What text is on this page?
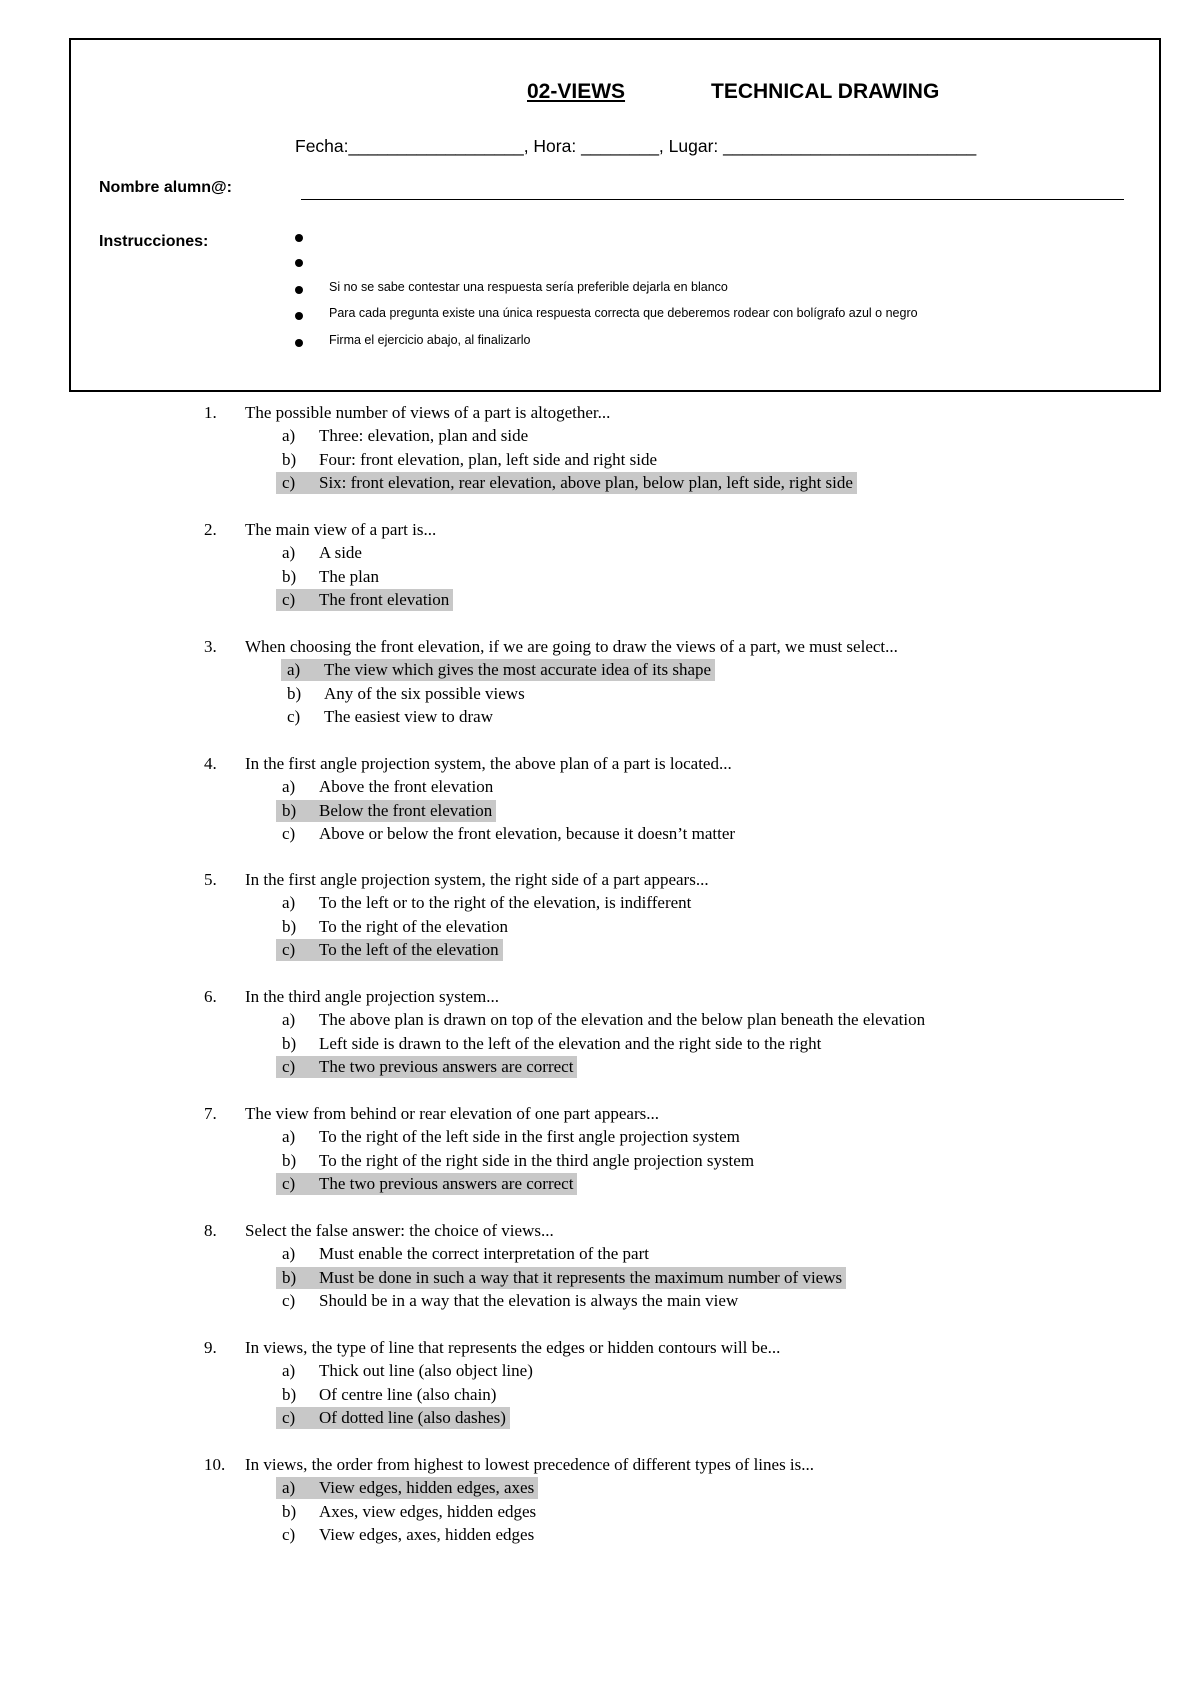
02-VIEWS	TECHNICAL DRAWING
Fecha:__________________, Hora: ________, Lugar: __________________________
Nombre alumn@:
Instrucciones:
Si no se sabe contestar una respuesta sería preferible dejarla en blanco
Para cada pregunta existe una única respuesta correcta que deberemos rodear con bolígrafo azul o negro
Firma el ejercicio abajo, al finalizarlo
1. The possible number of views of a part is altogether...
a) Three: elevation, plan and side
b) Four: front elevation, plan, left side and right side
c) Six: front elevation, rear elevation, above plan, below plan, left side, right side
2. The main view of a part is...
a) A side
b) The plan
c) The front elevation
3. When choosing the front elevation, if we are going to draw the views of a part, we must select...
a) The view which gives the most accurate idea of its shape
b) Any of the six possible views
c) The easiest view to draw
4. In the first angle projection system, the above plan of a part is located...
a) Above the front elevation
b) Below the front elevation
c) Above or below the front elevation, because it doesn’t matter
5. In the first angle projection system, the right side of a part appears...
a) To the left or to the right of the elevation, is indifferent
b) To the right of the elevation
c) To the left of the elevation
6. In the third angle projection system...
a) The above plan is drawn on top of the elevation and the below plan beneath the elevation
b) Left side is drawn to the left of the elevation and the right side to the right
c) The two previous answers are correct
7. The view from behind or rear elevation of one part appears...
a) To the right of the left side in the first angle projection system
b) To the right of the right side in the third angle projection system
c) The two previous answers are correct
8. Select the false answer: the choice of views...
a) Must enable the correct interpretation of the part
b) Must be done in such a way that it represents the maximum number of views
c) Should be in a way that the elevation is always the main view
9. In views, the type of line that represents the edges or hidden contours will be...
a) Thick out line (also object line)
b) Of centre line (also chain)
c) Of dotted line (also dashes)
10. In views, the order from highest to lowest precedence of different types of lines is...
a) View edges, hidden edges, axes
b) Axes, view edges, hidden edges
c) View edges, axes, hidden edges
